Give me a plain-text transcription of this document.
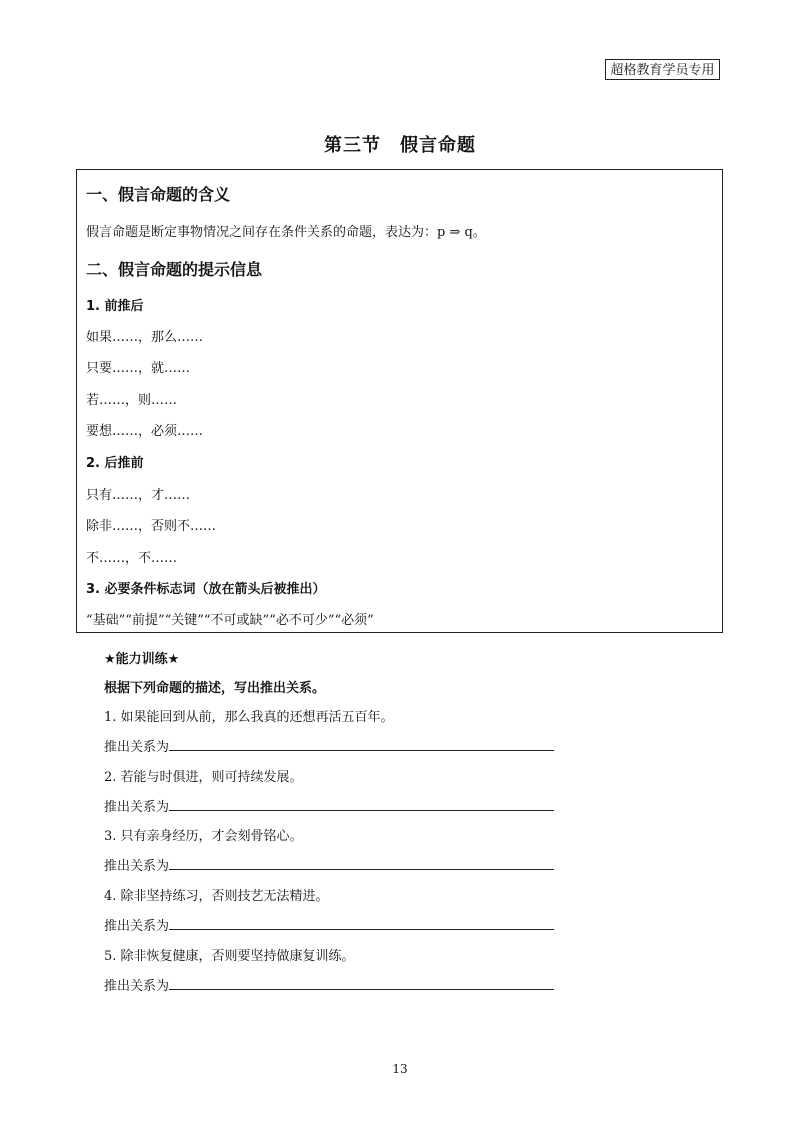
超格教育学员专用
第三节　假言命题
一、假言命题的含义
假言命题是断定事物情况之间存在条件关系的命题，表达为：p ⇒ q。
二、假言命题的提示信息
1. 前推后
如果……，那么……
只要……，就……
若……，则……
要想……，必须……
2. 后推前
只有……，才……
除非……，否则不……
不……，不……
3. 必要条件标志词（放在箭头后被推出）
“基础”“前提”“关键”“不可或缺”“必不可少”“必须”
★能力训练★
根据下列命题的描述，写出推出关系。
1. 如果能回到从前，那么我真的还想再活五百年。
推出关系为
2. 若能与时俱进，则可持续发展。
推出关系为
3. 只有亲身经历，才会刻骨铭心。
推出关系为
4. 除非坚持练习，否则技艺无法精进。
推出关系为
5. 除非恢复健康，否则要坚持做康复训练。
推出关系为
13
